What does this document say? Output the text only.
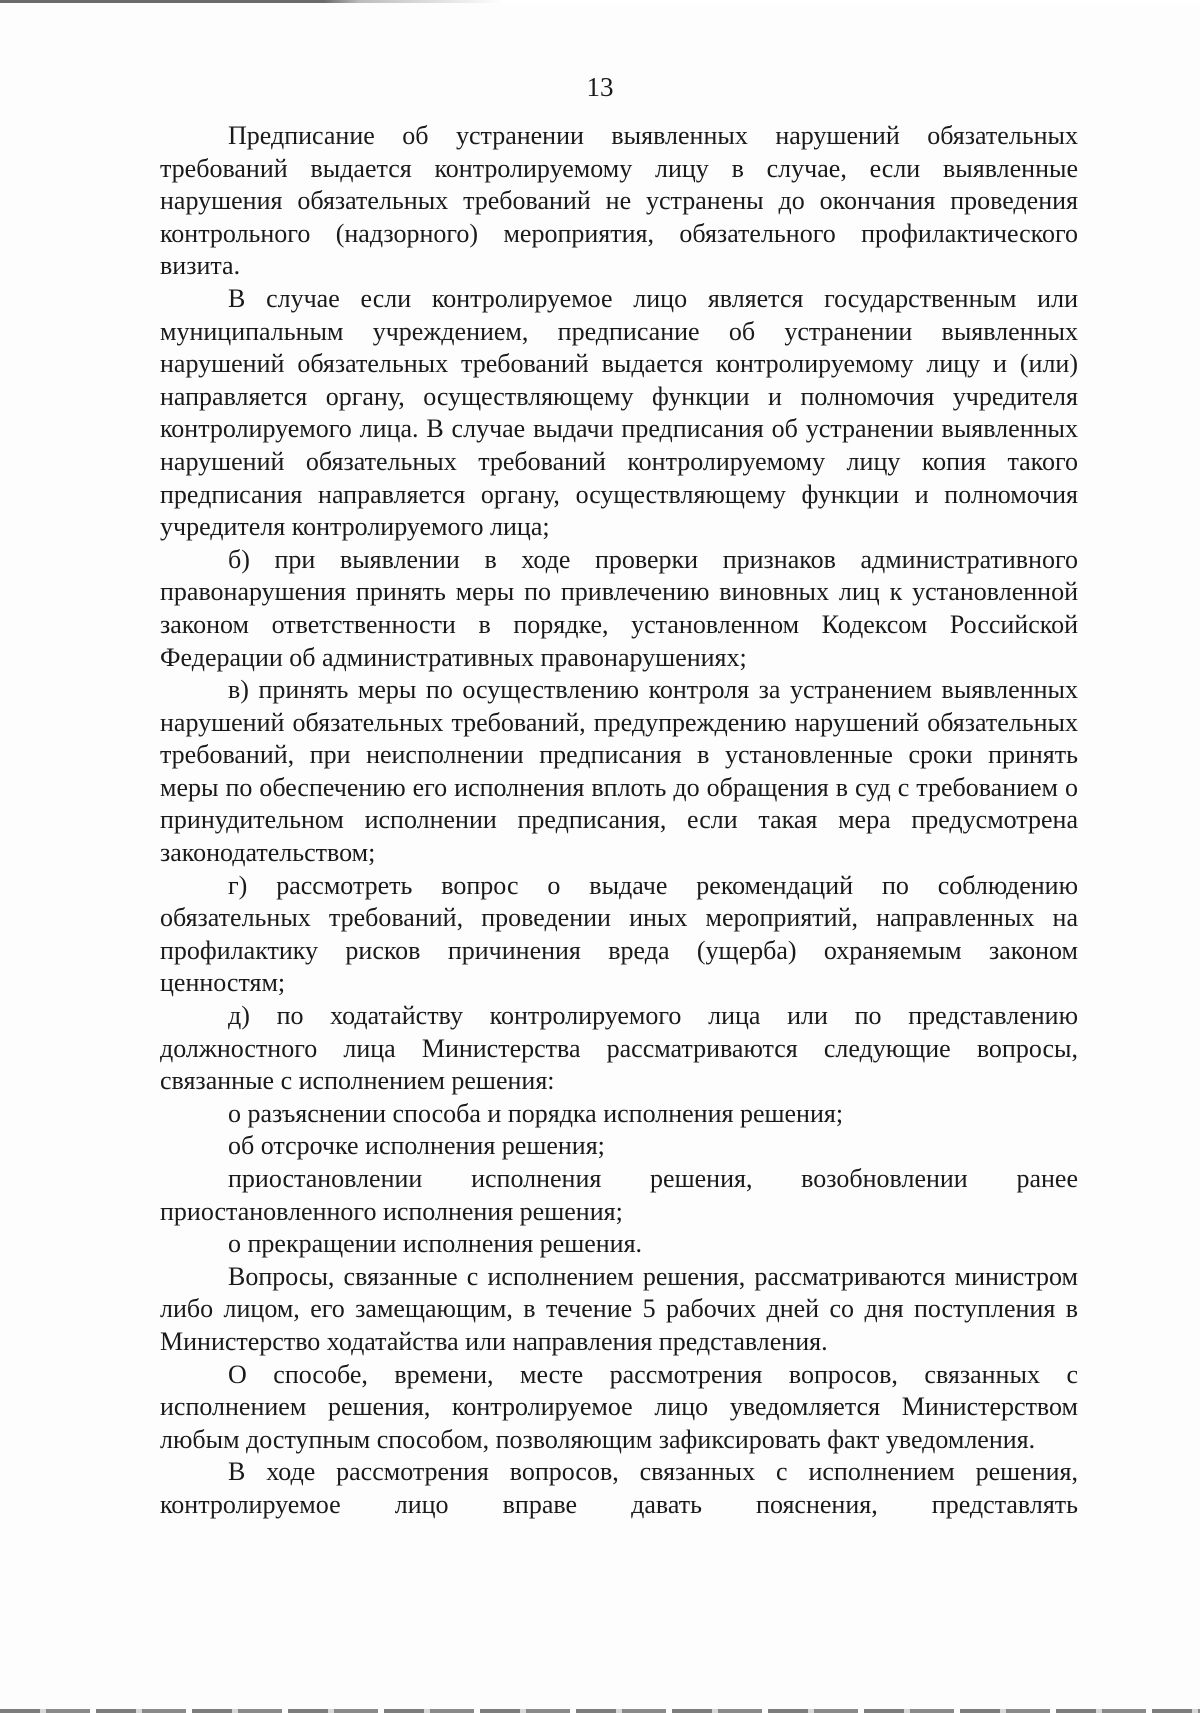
13

Предписание об устранении выявленных нарушений обязательных требований выдается контролируемому лицу в случае, если выявленные нарушения обязательных требований не устранены до окончания проведения контрольного (надзорного) мероприятия, обязательного профилактического визита.

В случае если контролируемое лицо является государственным или муниципальным учреждением, предписание об устранении выявленных нарушений обязательных требований выдается контролируемому лицу и (или) направляется органу, осуществляющему функции и полномочия учредителя контролируемого лица. В случае выдачи предписания об устранении выявленных нарушений обязательных требований контролируемому лицу копия такого предписания направляется органу, осуществляющему функции и полномочия учредителя контролируемого лица;

б) при выявлении в ходе проверки признаков административного правонарушения принять меры по привлечению виновных лиц к установленной законом ответственности в порядке, установленном Кодексом Российской Федерации об административных правонарушениях;

в) принять меры по осуществлению контроля за устранением выявленных нарушений обязательных требований, предупреждению нарушений обязательных требований, при неисполнении предписания в установленные сроки принять меры по обеспечению его исполнения вплоть до обращения в суд с требованием о принудительном исполнении предписания, если такая мера предусмотрена законодательством;

г) рассмотреть вопрос о выдаче рекомендаций по соблюдению обязательных требований, проведении иных мероприятий, направленных на профилактику рисков причинения вреда (ущерба) охраняемым законом ценностям;

д) по ходатайству контролируемого лица или по представлению должностного лица Министерства рассматриваются следующие вопросы, связанные с исполнением решения:

о разъяснении способа и порядка исполнения решения;

об отсрочке исполнения решения;

приостановлении исполнения решения, возобновлении ранее приостановленного исполнения решения;

о прекращении исполнения решения.

Вопросы, связанные с исполнением решения, рассматриваются министром либо лицом, его замещающим, в течение 5 рабочих дней со дня поступления в Министерство ходатайства или направления представления.

О способе, времени, месте рассмотрения вопросов, связанных с исполнением решения, контролируемое лицо уведомляется Министерством любым доступным способом, позволяющим зафиксировать факт уведомления.

В ходе рассмотрения вопросов, связанных с исполнением решения, контролируемое лицо вправе давать пояснения, представлять
